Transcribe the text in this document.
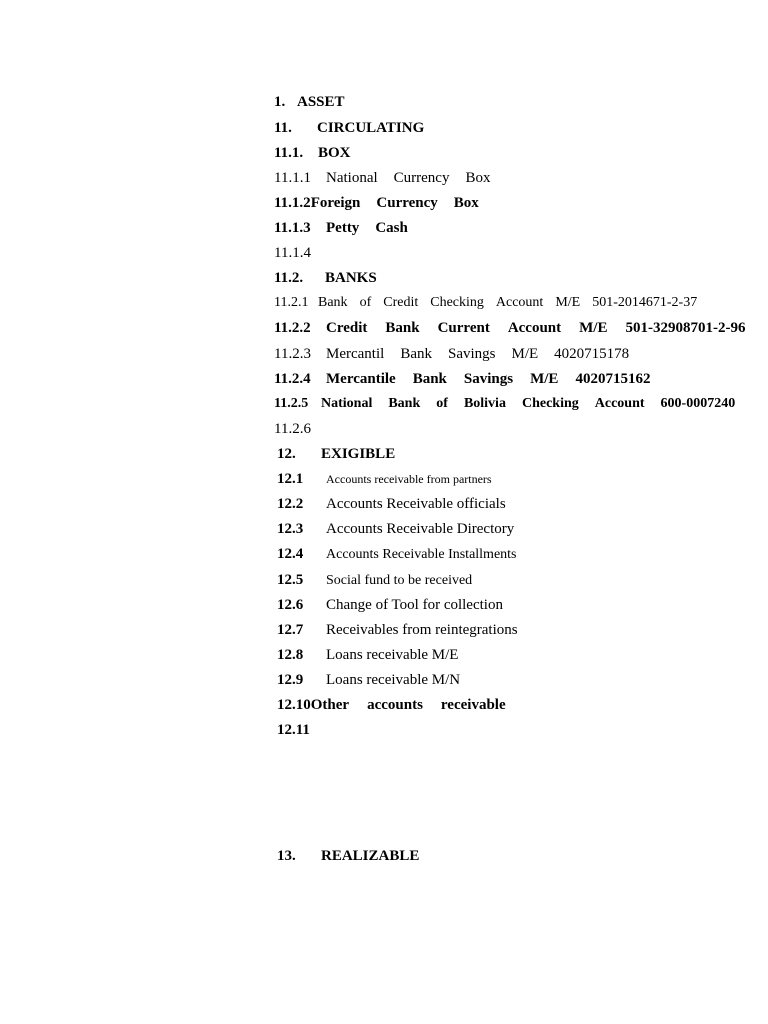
1. ASSET
11. CIRCULATING
11.1. BOX
11.1.1 National Currency Box
11.1.2Foreign Currency Box
11.1.3 Petty Cash
11.1.4
11.2. BANKS
11.2.1 Bank of Credit Checking Account M/E 501-2014671-2-37
11.2.2 Credit Bank Current Account M/E 501-32908701-2-96
11.2.3 Mercantil Bank Savings M/E 4020715178
11.2.4 Mercantile Bank Savings M/E 4020715162
11.2.5 National Bank of Bolivia Checking Account 600-0007240
11.2.6
12. EXIGIBLE
12.1 Accounts receivable from partners
12.2 Accounts Receivable officials
12.3 Accounts Receivable Directory
12.4 Accounts Receivable Installments
12.5 Social fund to be received
12.6 Change of Tool for collection
12.7 Receivables from reintegrations
12.8 Loans receivable M/E
12.9 Loans receivable M/N
12.10Other accounts receivable
12.11
13. REALIZABLE
